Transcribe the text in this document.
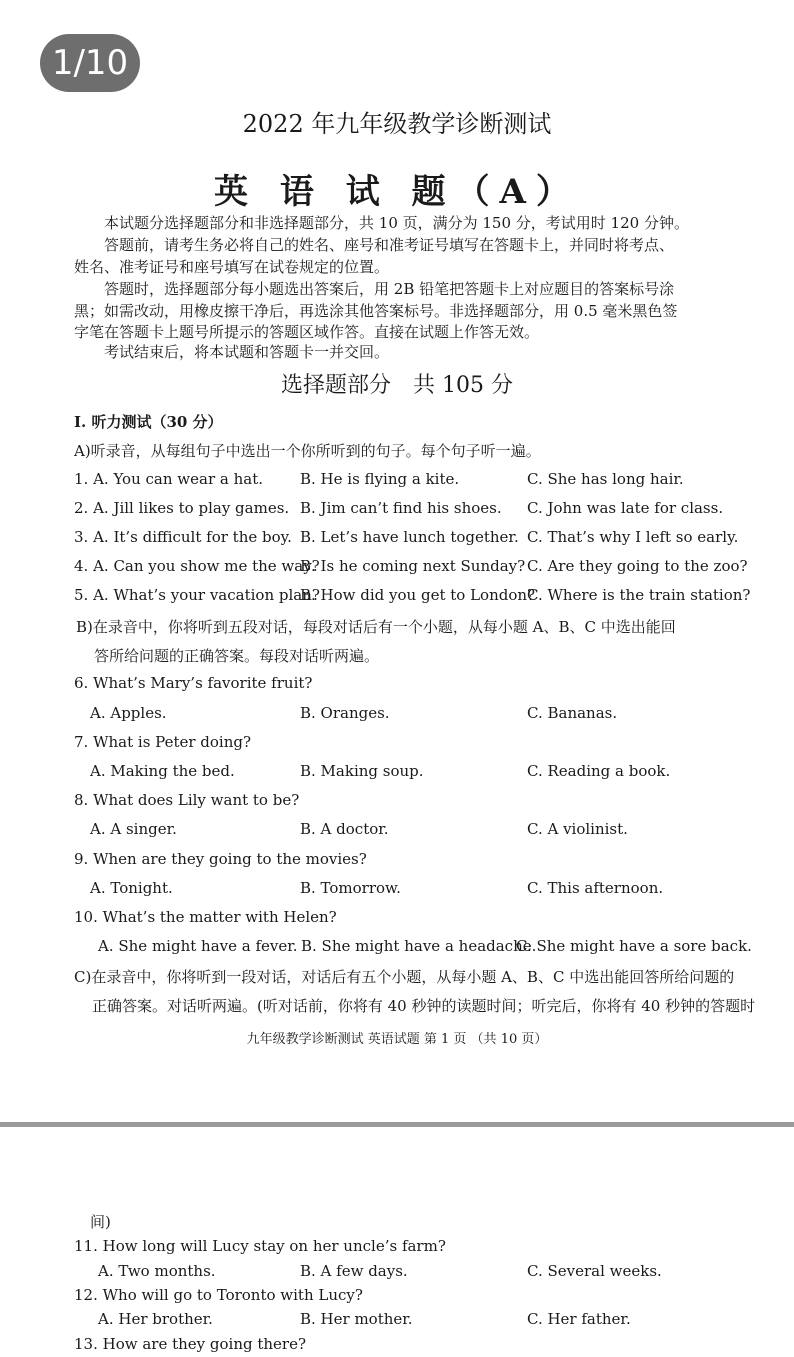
1/10
2022 年九年级教学诊断测试
英 语 试 题（A）
本试题分选择题部分和非选择题部分，共 10 页，满分为 150 分，考试用时 120 分钟。
答题前，请考生务必将自己的姓名、座号和准考证号填写在答题卡上，并同时将考点、
姓名、准考证号和座号填写在试卷规定的位置。
答题时，选择题部分每小题选出答案后，用 2B 铅笔把答题卡上对应题目的答案标号涂
黑；如需改动，用橡皮擦干净后，再选涂其他答案标号。非选择题部分，用 0.5 毫米黑色签
字笔在答题卡上题号所提示的答题区域作答。直接在试题上作答无效。
考试结束后，将本试题和答题卡一并交回。
选择题部分　共 105 分
I. 听力测试（30 分）
A)听录音，从每组句子中选出一个你所听到的句子。每个句子听一遍。
1. A. You can wear a hat. B. He is flying a kite.	C. She has long hair.
2. A. Jill likes to play games. B. Jim can’t find his shoes. C. John was late for class.
3. A. It’s difficult for the boy. B. Let’s have lunch together. C. That’s why I left so early.
4. A. Can you show me the way?
B. Is he coming next Sunday? C. Are they going to the zoo?
5. A. What’s your vacation plan?
B. How did you get to London?
C. Where is the train station?
B)在录音中，你将听到五段对话，每段对话后有一个小题，从每小题 A、B、C 中选出能回
答所给问题的正确答案。每段对话听两遍。
6. What’s Mary’s favorite fruit?
A. Apples.	B. Oranges.	C. Bananas.
7. What is Peter doing?
A. Making the bed.	B. Making soup.	C. Reading a book.
8. What does Lily want to be?
A. A singer.	B. A doctor.	C. A violinist.
9. When are they going to the movies?
A. Tonight.	B. Tomorrow.	C. This afternoon.
10. What’s the matter with Helen?
A. She might have a fever. B. She might have a headache.
C. She might have a sore back.
C)在录音中，你将听到一段对话，对话后有五个小题，从每小题 A、B、C 中选出能回答所给问题的
正确答案。对话听两遍。(听对话前，你将有 40 秒钟的读题时间；听完后，你将有 40 秒钟的答题时
九年级教学诊断测试 英语试题 第 1 页 （共 10 页）
间)
11. How long will Lucy stay on her uncle’s farm?
A. Two months.	B. A few days.	C. Several weeks.
12. Who will go to Toronto with Lucy?
A. Her brother.	B. Her mother.	C. Her father.
13. How are they going there?
